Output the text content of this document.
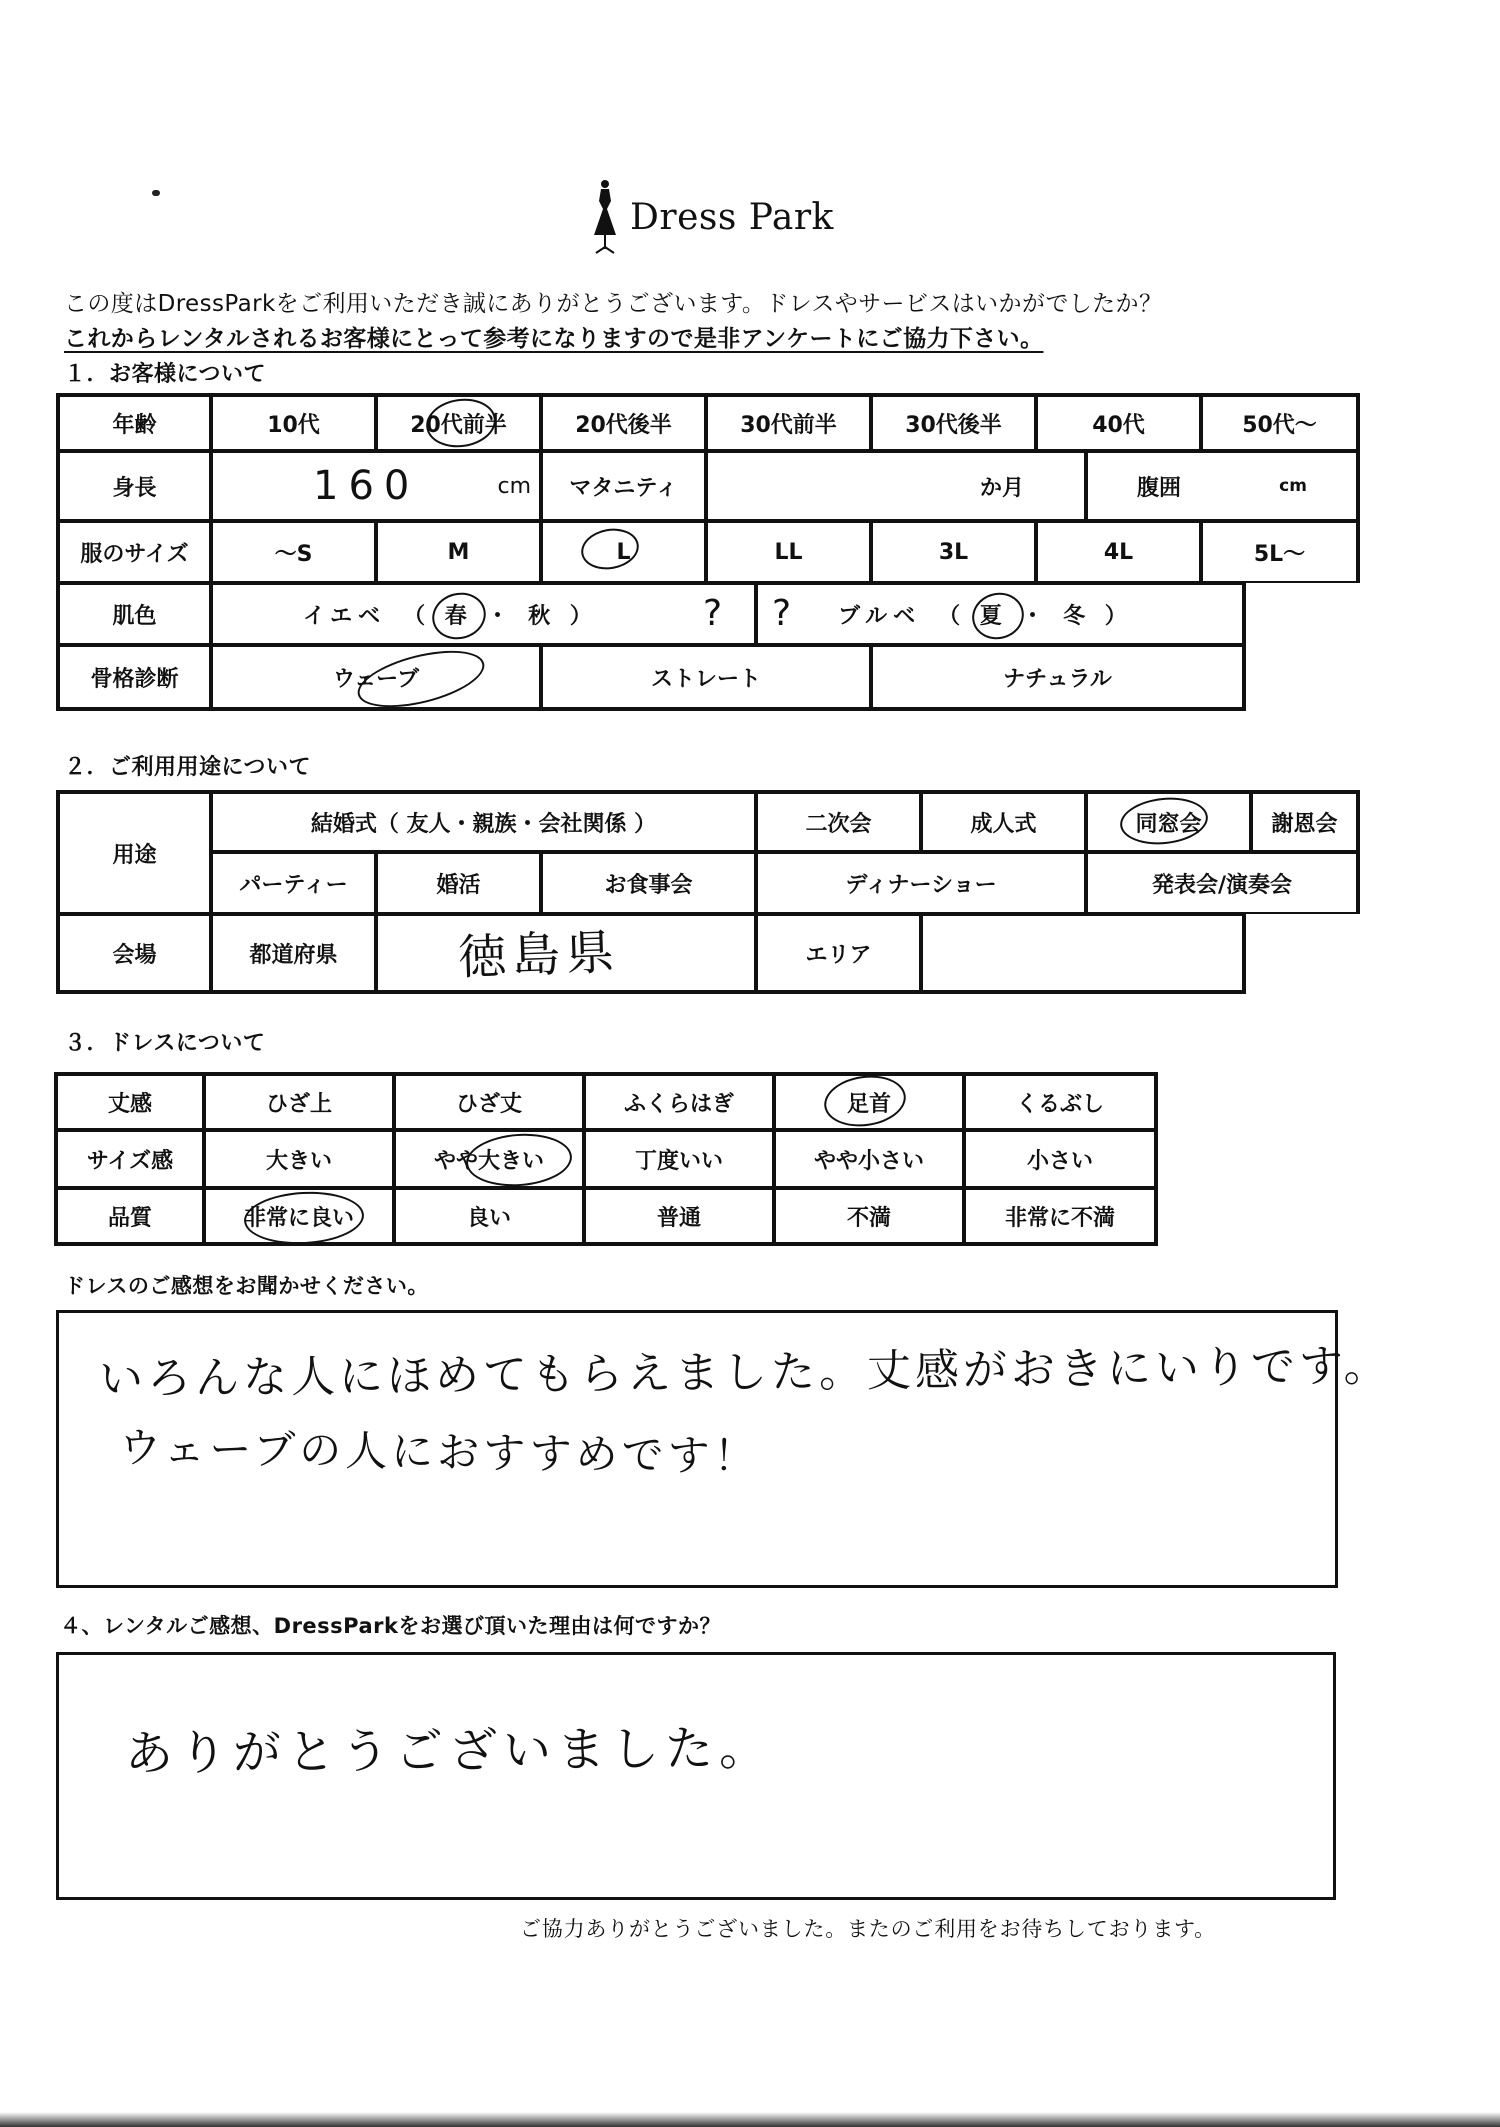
Dress Park
この度はDressParkをご利用いただき誠にありがとうございます。ドレスやサービスはいかがでしたか？
これからレンタルされるお客様にとって参考になりますので是非アンケートにご協力下さい。
１．お客様について
年齢	10代	20代前半	20代後半	30代前半	30代後半	40代	50代〜
身長	160	cm	マタニティ	か月	腹囲	cm
服のサイズ	〜S	M	L	LL	3L	4L	5L〜
肌色	イエベ　（ 春 ・ 秋 ）	? ? ブルベ　（ 夏 ・ 冬 ）
骨格診断	ウェーブ	ストレート	ナチュラル
２．ご利用用途について
用途
結婚式（ 友人・親族・会社関係 ）	二次会	成人式	同窓会	謝恩会
パーティー	婚活	お食事会	ディナーショー	発表会/演奏会
会場	都道府県	徳島県	エリア
３．ドレスについて
丈感	ひざ上	ひざ丈	ふくらはぎ	足首	くるぶし
サイズ感	大きい	やや大きい	丁度いい	やや小さい	小さい
品質	非常に良い	良い	普通	不満	非常に不満
ドレスのご感想をお聞かせください。
いろんな人にほめてもらえました。丈感がおきにいりです。
ウェーブの人におすすめです！
４、レンタルご感想、DressParkをお選び頂いた理由は何ですか？
ありがとうございました。
ご協力ありがとうございました。またのご利用をお待ちしております。
